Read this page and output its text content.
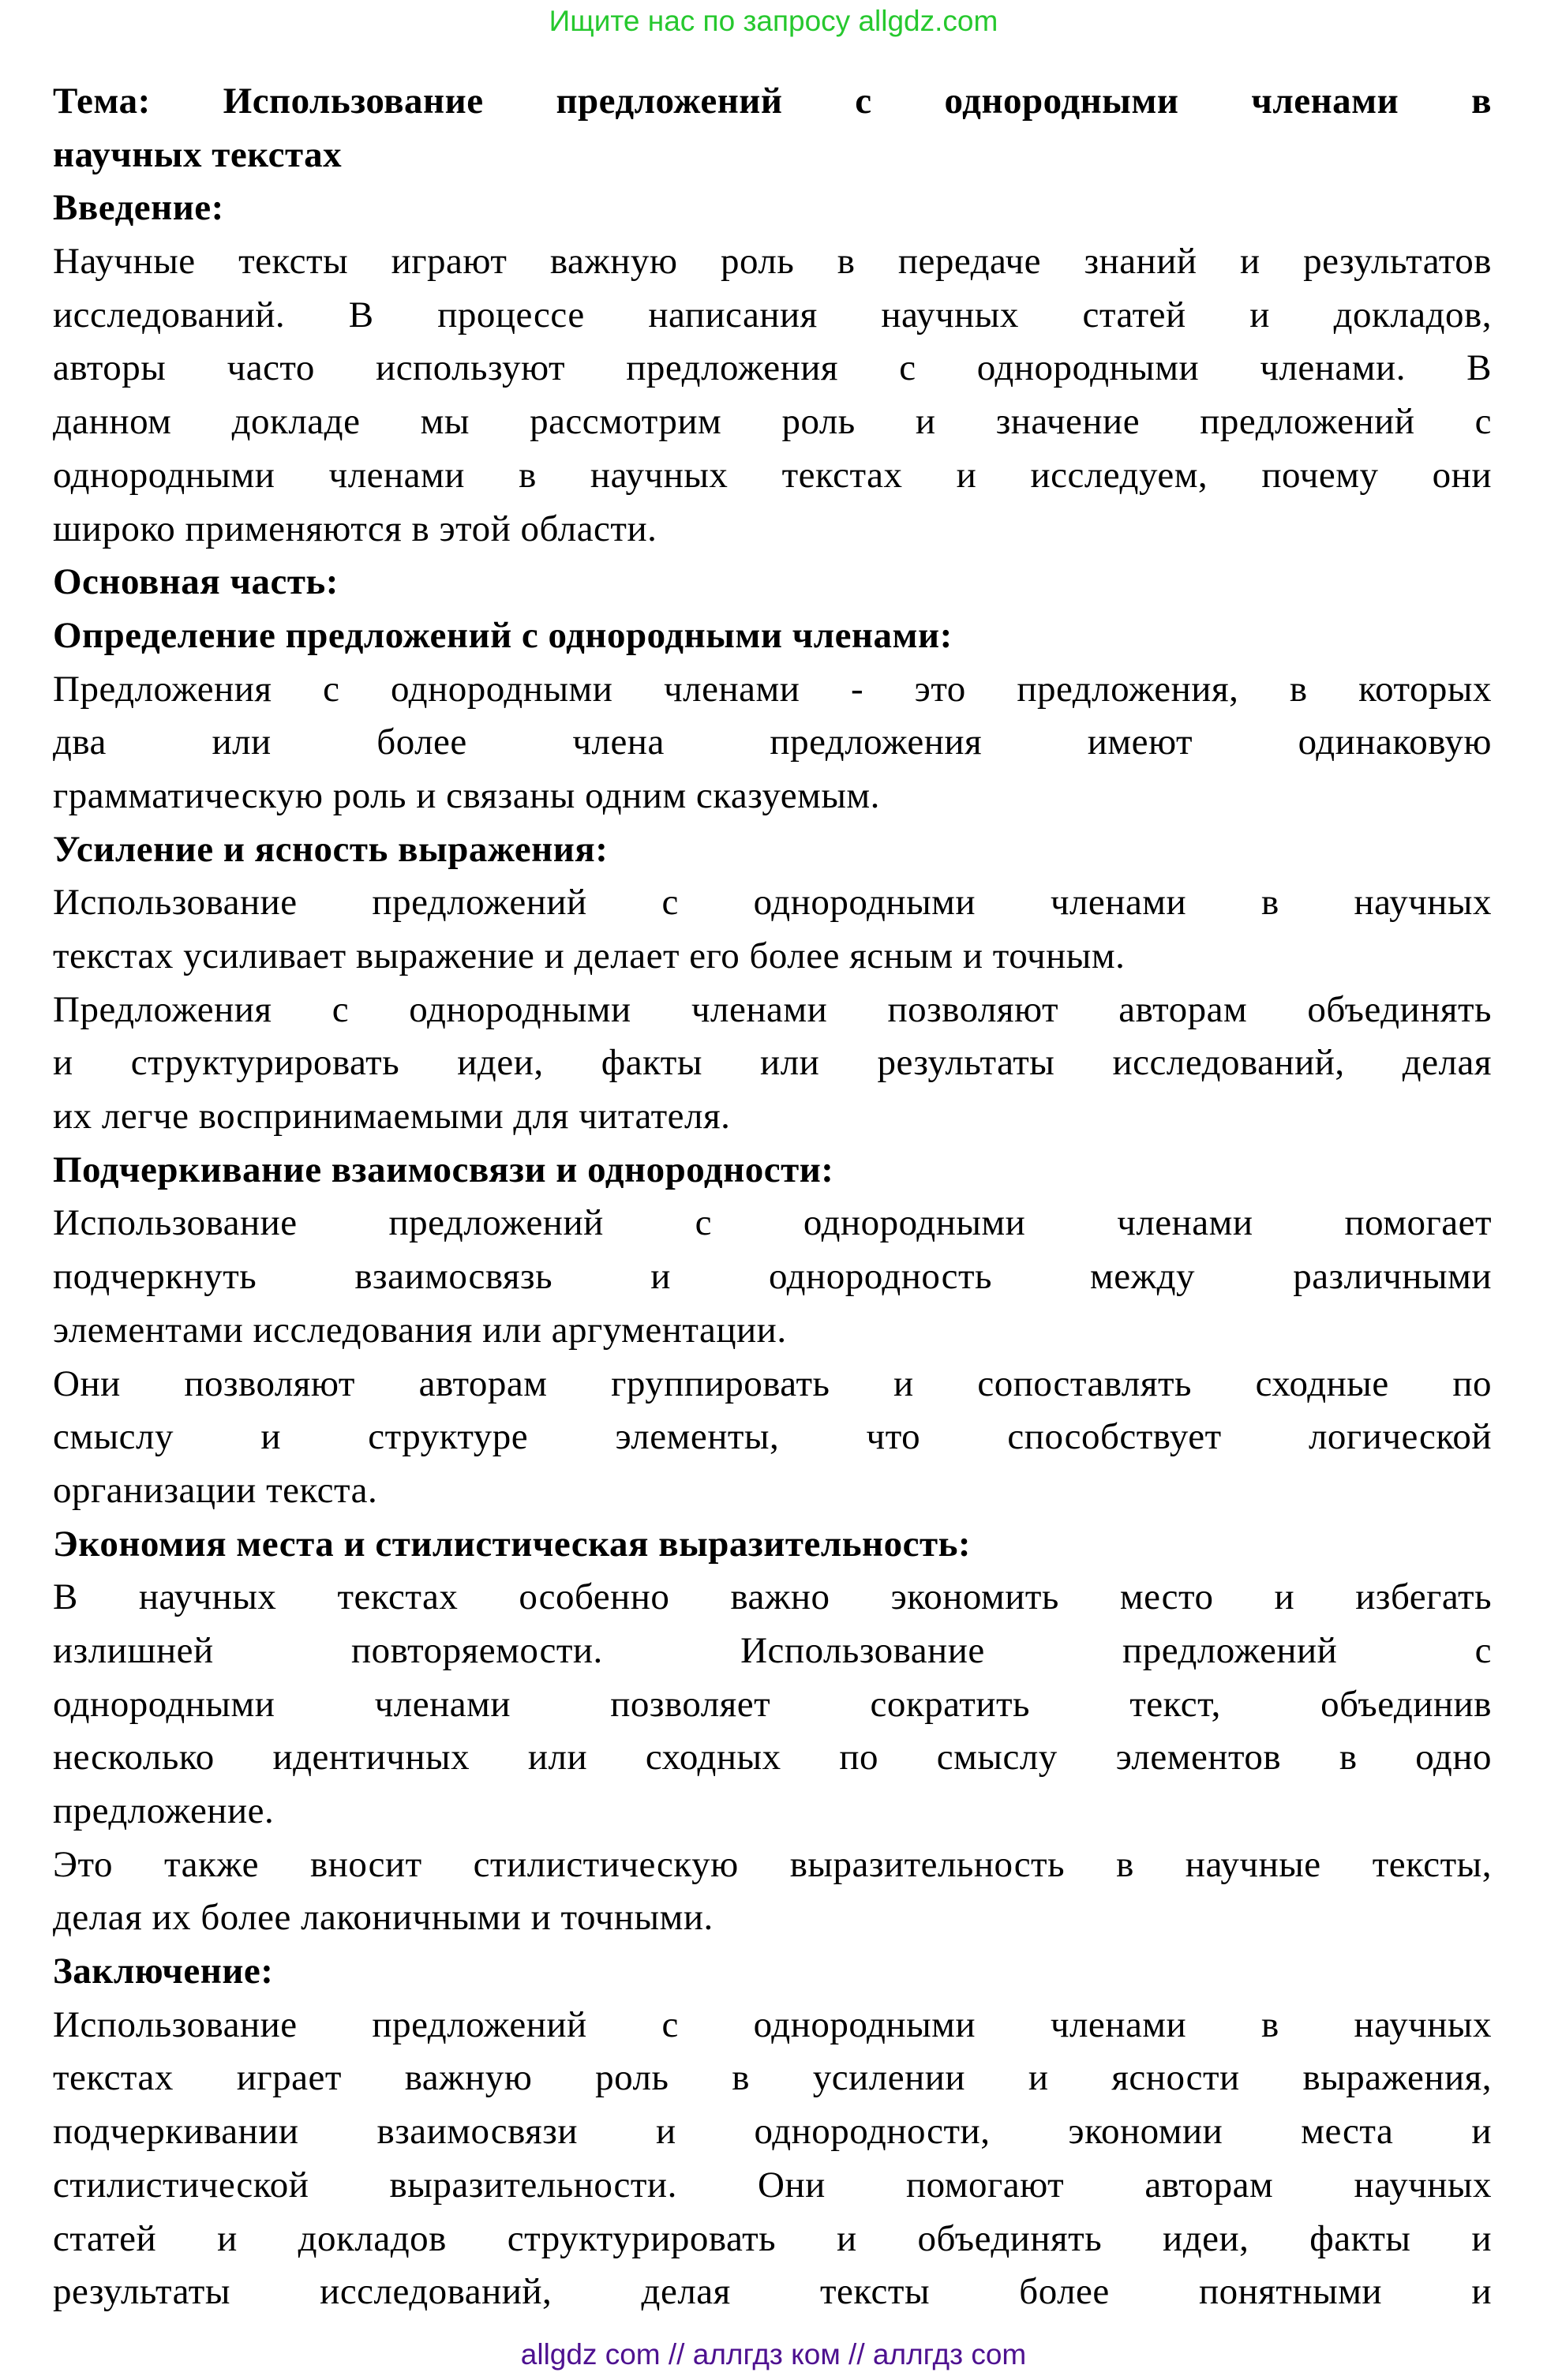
Ищите нас по запросу allgdz.com
Тема: Использование предложений с однородными членами в
научных текстах
Введение:
Научные тексты играют важную роль в передаче знаний и результатов
исследований. В процессе написания научных статей и докладов,
авторы часто используют предложения с однородными членами. В
данном докладе мы рассмотрим роль и значение предложений с
однородными членами в научных текстах и исследуем, почему они
широко применяются в этой области.
Основная часть:
Определение предложений с однородными членами:
Предложения с однородными членами - это предложения, в которых
два или более члена предложения имеют одинаковую
грамматическую роль и связаны одним сказуемым.
Усиление и ясность выражения:
Использование предложений с однородными членами в научных
текстах усиливает выражение и делает его более ясным и точным.
Предложения с однородными членами позволяют авторам объединять
и структурировать идеи, факты или результаты исследований, делая
их легче воспринимаемыми для читателя.
Подчеркивание взаимосвязи и однородности:
Использование предложений с однородными членами помогает
подчеркнуть взаимосвязь и однородность между различными
элементами исследования или аргументации.
Они позволяют авторам группировать и сопоставлять сходные по
смыслу и структуре элементы, что способствует логической
организации текста.
Экономия места и стилистическая выразительность:
В научных текстах особенно важно экономить место и избегать
излишней повторяемости. Использование предложений с
однородными членами позволяет сократить текст, объединив
несколько идентичных или сходных по смыслу элементов в одно
предложение.
Это также вносит стилистическую выразительность в научные тексты,
делая их более лаконичными и точными.
Заключение:
Использование предложений с однородными членами в научных
текстах играет важную роль в усилении и ясности выражения,
подчеркивании взаимосвязи и однородности, экономии места и
стилистической выразительности. Они помогают авторам научных
статей и докладов структурировать и объединять идеи, факты и
результаты исследований, делая тексты более понятными и
allgdz com // аллгдз ком // аллгдз com
